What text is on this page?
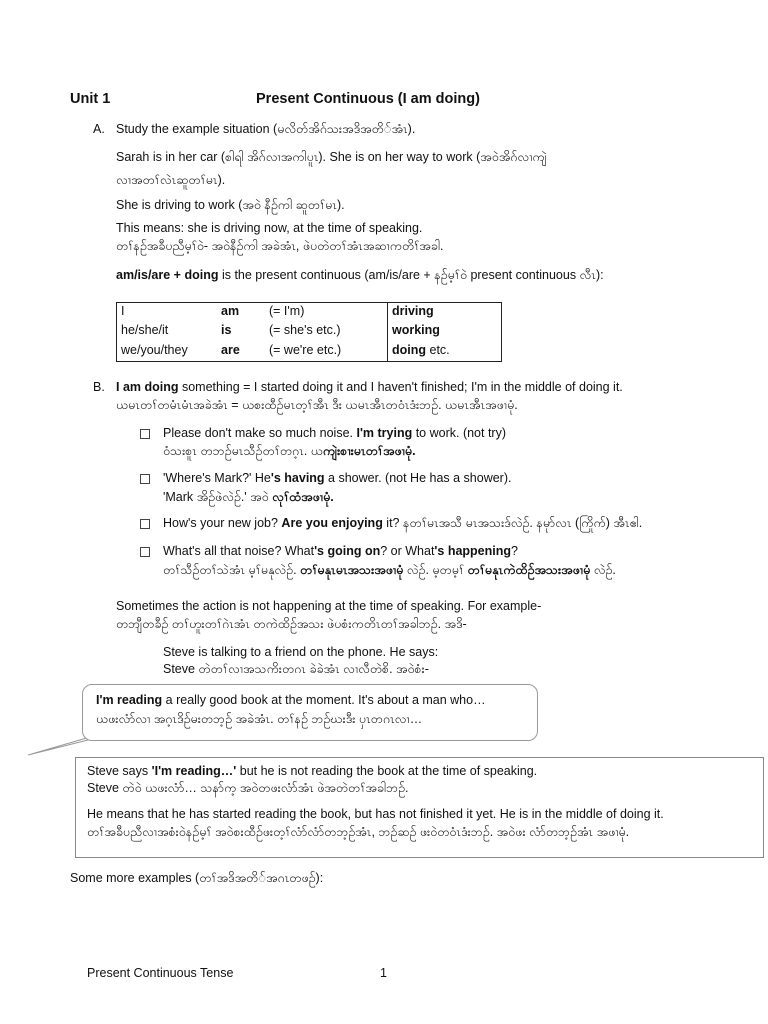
Unit 1	Present Continuous (I am doing)
A. Study the example situation (မလိတ်အိဂ်သးအဒိအတိ်အံၤ).
Sarah is in her car (စါရါ အိဂ်လၢအကါပူၤ). She is on her way to work (အဝဲအိဂ်လၢကျဲ
လၢအတၢ်လဲၤဆူတၢ်မၤ).
She is driving to work (အဝဲ နီဉ်ကါ ဆူတၢ်မၤ).
This means: she is driving now, at the time of speaking.
တၢ်နဉ်အခီပညီမ့ၢ်ဝဲ- အဝဲနီဉ်ကါ အခဲအံၤ, ဖဲပတဲတၢ်အံၤအဆၢကတိၢ်အခါ.
am/is/are + doing is the present continuous (am/is/are + နဉ်မ့ၢ်ဝဲ present continuous လီၤ):
I	am	(= I'm)	driving
he/she/it	is	(= she's etc.)	working
we/you/they	are	(= we're etc.)	doing etc.
B. I am doing something = I started doing it and I haven't finished; I'm in the middle of doing it.
ယမၤတၢ်တမံၤမံၤအခဲအံၤ = ယစးထီဉ်မၤတ့ၢ်အီၤ ဒီး ယမၤအီၤတဝံၤဒံးဘဉ်. ယမၤအီၤအဖၢမုံ.
Please don't make so much noise. I'm trying to work. (not try)
ဝံသးစူၤ တဘဉ်မၤသီဉ်တၢ်တဂ့ၤ. ယကျဲးစၢးမၤတၢ်အဖၢမုံ.
'Where's Mark?' He's having a shower. (not He has a shower).
'Mark အိဉ်ဖဲလဲဉ်.' အဝဲ လုၢ်ထံအဖၢမုံ.
How's your new job? Are you enjoying it? နတၢ်မၤအသီ မၤအသးဒ်လဲဉ်. နမုာ်လၤ (ကြိုက်) အီၤဧါ.
What's all that noise? What's going on? or What's happening?
တၢ်သီဉ်တၢ်သဲအံၤ မ့ၢ်မနုလဲဉ်. တၢ်မနုၤမၤအသးအဖၢမုံ လဲဉ်. မ့တမ့ၢ် တၢ်မနုၤကဲထိဉ်အသးအဖၢမုံ လဲဉ်.
Sometimes the action is not happening at the time of speaking. For example-
တဘျီတခီဉ် တၢ်ဟူးတၢ်ဂဲၤအံၤ တကဲထိဉ်အသး ဖဲပစံးကတိၤတၢ်အခါဘဉ်. အဒိ-
Steve is talking to a friend on the phone. He says:
Steve တဲတၢ်လၢအသကိးတဂၤ ခဲခဲအံၤ လၢလီတဲစိ. အဝဲစံး-
I'm reading a really good book at the moment. It's about a man who…
ယဖးလံာ်လၢ အဂ့ၤဒိဉ်မးတဘ့ဉ် အခဲအံၤ. တၢ်နဉ် ဘဉ်ဃးဒီး ပှၤတဂၤလၢ…
Steve says 'I'm reading…' but he is not reading the book at the time of speaking.
Steve တဲဝဲ ယဖးလံာ်… သနာ်က့ အဝဲတဖးလံာ်အံၤ ဖဲအတဲတၢ်အခါဘဉ်.
He means that he has started reading the book, but has not finished it yet. He is in the middle of doing it.
တၢ်အခီပညီလၢအစံးဝဲနဉ်မ့ၢ် အဝဲစးထီဉ်ဖးတ့ၢ်လံာ်လံာ်တဘ့ဉ်အံၤ, ဘဉ်ဆဉ် ဖးဝဲတဝံၤဒံးဘဉ်. အဝဲဖး လံာ်တဘ့ဉ်အံၤ အဖၢမုံ.
Some more examples (တၢ်အဒိအတိ်အဂၤတဖဉ်):
Present Continuous Tense	1
